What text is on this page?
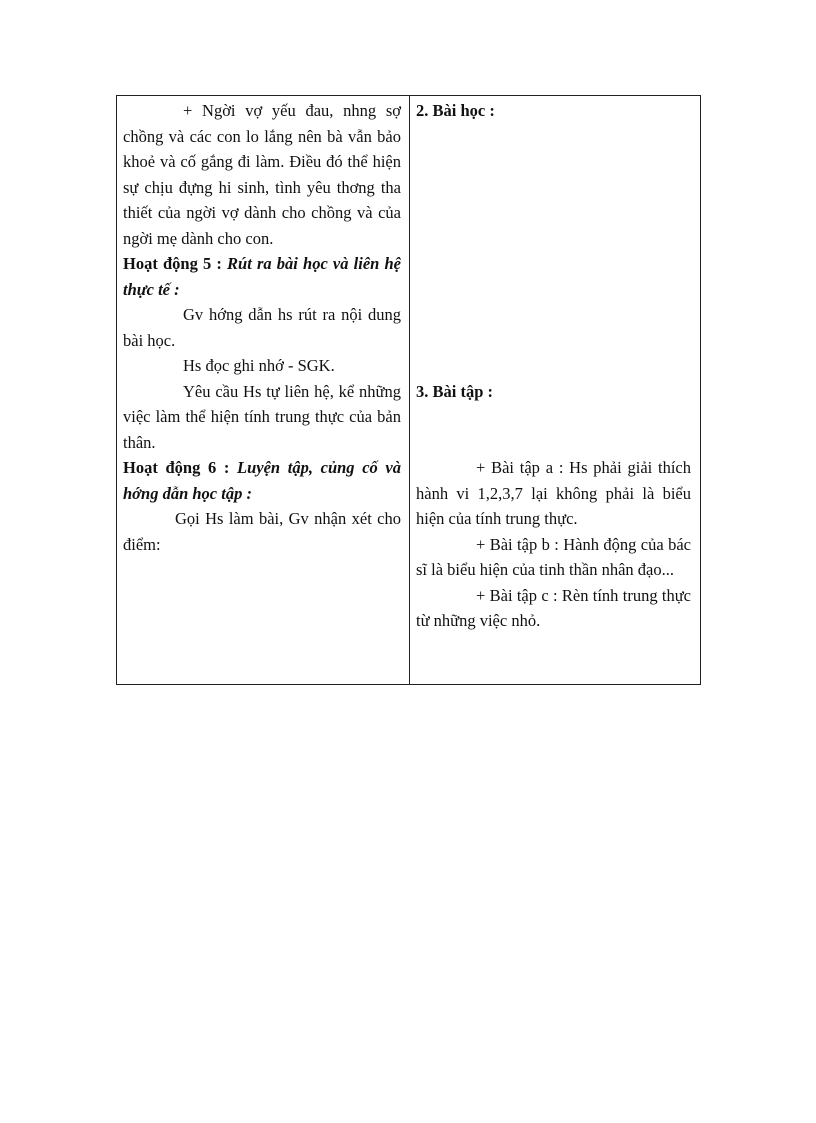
+ Ngời vợ yếu đau, nhng sợ chồng và các con lo lắng nên bà vẫn bảo khoẻ và cố gắng đi làm. Điều đó thể hiện sự chịu đựng hi sinh, tình yêu thơng tha thiết của ngời vợ dành cho chồng và của ngời mẹ dành cho con.

Hoạt động 5 : Rút ra bài học và liên hệ thực tế :

Gv hớng dẫn hs rút ra nội dung bài học.

Hs đọc ghi nhớ - SGK.

Yêu cầu Hs tự liên hệ, kể những việc làm thể hiện tính trung thực của bản thân.

Hoạt động 6 : Luyện tập, củng cố và hớng dẫn học tập :

Gọi Hs làm bài, Gv nhận xét cho điểm:

2. Bài học :

3. Bài tập :

+ Bài tập a : Hs phải giải thích hành vi 1,2,3,7 lại không phải là biểu hiện của tính trung thực.

+ Bài tập b : Hành động của bác sĩ là biểu hiện của tinh thần nhân đạo...

+ Bài tập c : Rèn tính trung thực từ những việc nhỏ.
